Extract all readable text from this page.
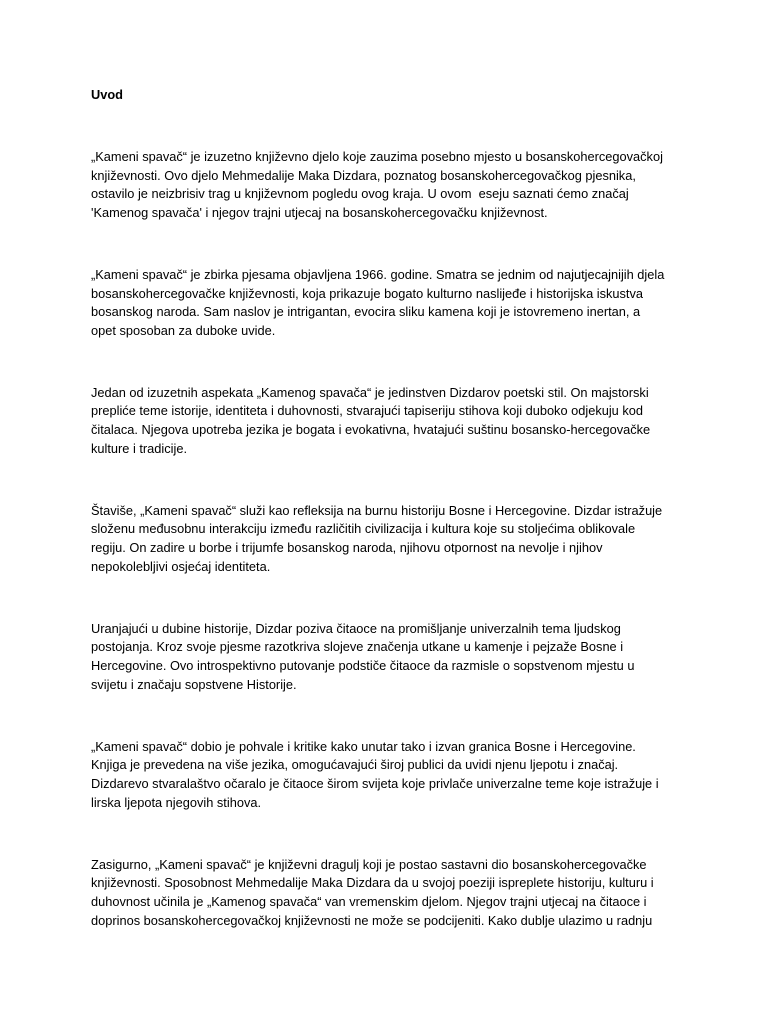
Uvod
„Kameni spavač“ je izuzetno književno djelo koje zauzima posebno mjesto u bosanskohercegovačkoj
književnosti. Ovo djelo Mehmedalije Maka Dizdara, poznatog bosanskohercegovačkog pjesnika,
ostavilo je neizbrisiv trag u književnom pogledu ovog kraja. U ovom  eseju saznati ćemo značaj
'Kamenog spavača' i njegov trajni utjecaj na bosanskohercegovačku književnost.
„Kameni spavač“ je zbirka pjesama objavljena 1966. godine. Smatra se jednim od najutjecajnijih djela
bosanskohercegovačke književnosti, koja prikazuje bogato kulturno naslijeđe i historijska iskustva
bosanskog naroda. Sam naslov je intrigantan, evocira sliku kamena koji je istovremeno inertan, a
opet sposoban za duboke uvide.
Jedan od izuzetnih aspekata „Kamenog spavača“ je jedinstven Dizdarov poetski stil. On majstorski
prepliće teme istorije, identiteta i duhovnosti, stvarajući tapiseriju stihova koji duboko odjekuju kod
čitalaca. Njegova upotreba jezika je bogata i evokativna, hvatajući suštinu bosansko-hercegovačke
kulture i tradicije.
Štaviše, „Kameni spavač“ služi kao refleksija na burnu historiju Bosne i Hercegovine. Dizdar istražuje
složenu međusobnu interakciju između različitih civilizacija i kultura koje su stoljećima oblikovale
regiju. On zadire u borbe i trijumfe bosanskog naroda, njihovu otpornost na nevolje i njihov
nepokolebljivi osjećaj identiteta.
Uranjajući u dubine historije, Dizdar poziva čitaoce na promišljanje univerzalnih tema ljudskog
postojanja. Kroz svoje pjesme razotkriva slojeve značenja utkane u kamenje i pejzaže Bosne i
Hercegovine. Ovo introspektivno putovanje podstiče čitaoce da razmisle o sopstvenom mjestu u
svijetu i značaju sopstvene Historije.
„Kameni spavač“ dobio je pohvale i kritike kako unutar tako i izvan granica Bosne i Hercegovine.
Knjiga je prevedena na više jezika, omogućavajući široj publici da uvidi njenu ljepotu i značaj.
Dizdarevo stvaralaštvo očaralo je čitaoce širom svijeta koje privlače univerzalne teme koje istražuje i
lirska ljepota njegovih stihova.
Zasigurno, „Kameni spavač“ je književni dragulj koji je postao sastavni dio bosanskohercegovačke
književnosti. Sposobnost Mehmedalije Maka Dizdara da u svojoj poeziji ispreplete historiju, kulturu i
duhovnost učinila je „Kamenog spavača“ van vremenskim djelom. Njegov trajni utjecaj na čitaoce i
doprinos bosanskohercegovačkoj književnosti ne može se podcijeniti. Kako dublje ulazimo u radnju
